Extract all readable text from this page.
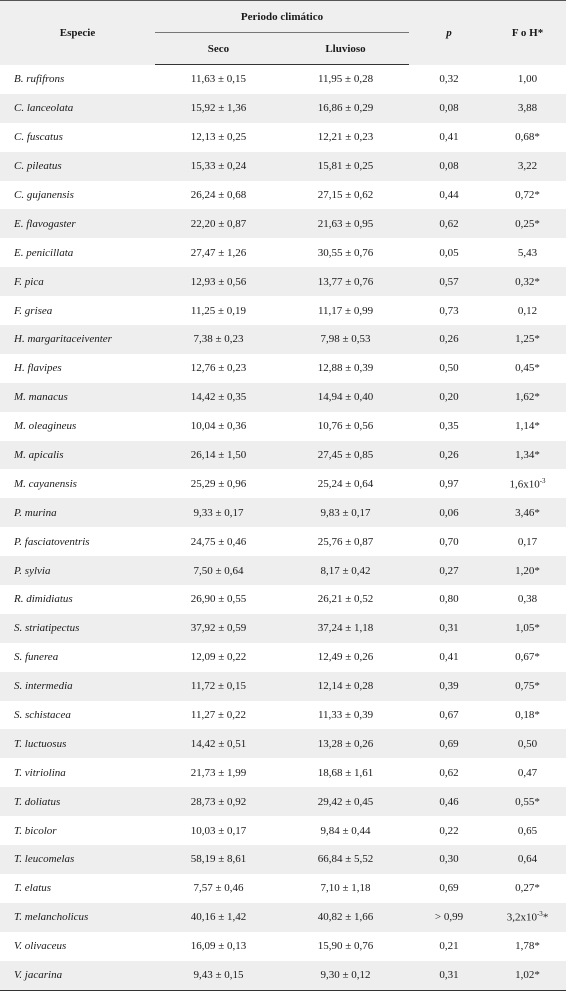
Especie	Periodo climático		p	F o H*
	Seco	Lluvioso		
B. rufifrons	11,63 ± 0,15	11,95 ± 0,28	0,32	1,00
C. lanceolata	15,92 ± 1,36	16,86 ± 0,29	0,08	3,88
C. fuscatus	12,13 ± 0,25	12,21 ± 0,23	0,41	0,68*
C. pileatus	15,33 ± 0,24	15,81 ± 0,25	0,08	3,22
C. gujanensis	26,24 ± 0,68	27,15 ± 0,62	0,44	0,72*
E. flavogaster	22,20 ± 0,87	21,63 ± 0,95	0,62	0,25*
E. penicillata	27,47 ± 1,26	30,55 ± 0,76	0,05	5,43
F. pica	12,93 ± 0,56	13,77 ± 0,76	0,57	0,32*
F. grisea	11,25 ± 0,19	11,17 ± 0,99	0,73	0,12
H. margaritaceiventer	7,38 ± 0,23	7,98 ± 0,53	0,26	1,25*
H. flavipes	12,76 ± 0,23	12,88 ± 0,39	0,50	0,45*
M. manacus	14,42 ± 0,35	14,94 ± 0,40	0,20	1,62*
M. oleagineus	10,04 ± 0,36	10,76 ± 0,56	0,35	1,14*
M. apicalis	26,14 ± 1,50	27,45 ± 0,85	0,26	1,34*
M. cayanensis	25,29 ± 0,96	25,24 ± 0,64	0,97	$1,6x10^{-3}$
P. murina	9,33 ± 0,17	9,83 ± 0,17	0,06	3,46*
P. fasciatoventris	24,75 ± 0,46	25,76 ± 0,87	0,70	0,17
P. sylvia	7,50 ± 0,64	8,17 ± 0,42	0,27	1,20*
R. dimidiatus	26,90 ± 0,55	26,21 ± 0,52	0,80	0,38
S. striatipectus	37,92 ± 0,59	37,24 ± 1,18	0,31	1,05*
S. funerea	12,09 ± 0,22	12,49 ± 0,26	0,41	0,67*
S. intermedia	11,72 ± 0,15	12,14 ± 0,28	0,39	0,75*
S. schistacea	11,27 ± 0,22	11,33 ± 0,39	0,67	0,18*
T. luctuosus	14,42 ± 0,51	13,28 ± 0,26	0,69	0,50
T. vitriolina	21,73 ± 1,99	18,68 ± 1,61	0,62	0,47
T. doliatus	28,73 ± 0,92	29,42 ± 0,45	0,46	0,55*
T. bicolor	10,03 ± 0,17	9,84 ± 0,44	0,22	0,65
T. leucomelas	58,19 ± 8,61	66,84 ± 5,52	0,30	0,64
T. elatus	7,57 ± 0,46	7,10 ± 1,18	0,69	0,27*
T. melancholicus	40,16 ± 1,42	40,82 ± 1,66	> 0,99	$3,2x10^{-3}*$
V. olivaceus	16,09 ± 0,13	15,90 ± 0,76	0,21	1,78*
V. jacarina	9,43 ± 0,15	9,30 ± 0,12	0,31	1,02*
